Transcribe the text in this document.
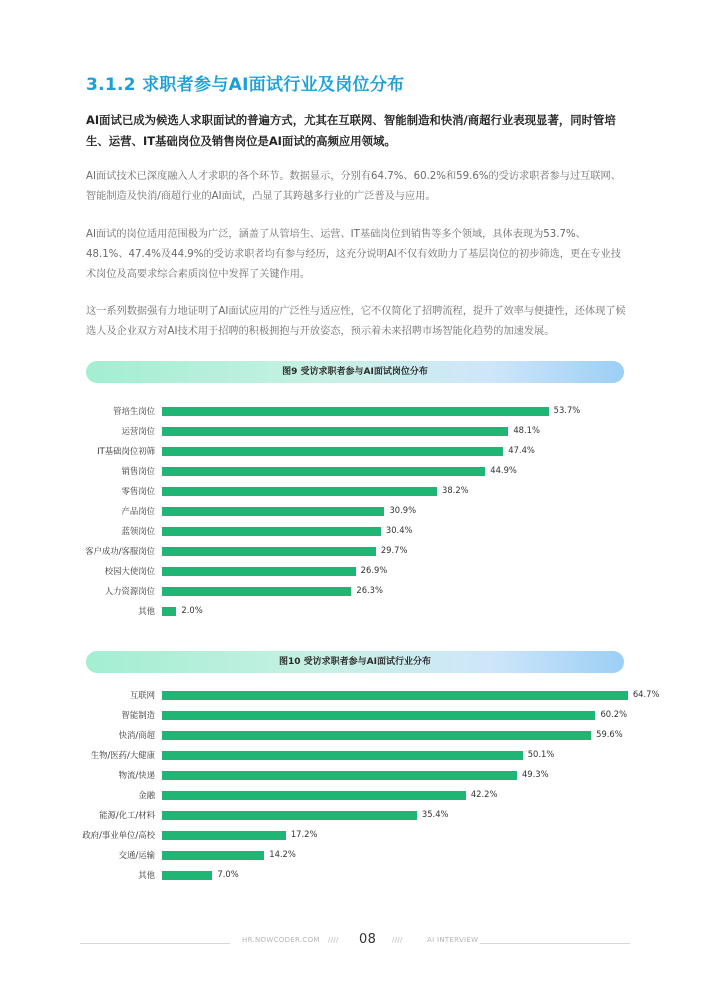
3.1.2 求职者参与AI面试行业及岗位分布

AI面试已成为候选人求职面试的普遍方式，尤其在互联网、智能制造和快消/商超行业表现显著，同时管培生、运营、IT基础岗位及销售岗位是AI面试的高频应用领域。

AI面试技术已深度融入人才求职的各个环节。数据显示，分别有64.7%、60.2%和59.6%的受访求职者参与过互联网、智能制造及快消/商超行业的AI面试，凸显了其跨越多行业的广泛普及与应用。

AI面试的岗位适用范围极为广泛，涵盖了从管培生、运营、IT基础岗位到销售等多个领域，具体表现为53.7%、48.1%、47.4%及44.9%的受访求职者均有参与经历，这充分说明AI不仅有效助力了基层岗位的初步筛选，更在专业技术岗位及高要求综合素质岗位中发挥了关键作用。

这一系列数据强有力地证明了AI面试应用的广泛性与适应性，它不仅简化了招聘流程，提升了效率与便捷性，还体现了候选人及企业双方对AI技术用于招聘的积极拥抱与开放姿态，预示着未来招聘市场智能化趋势的加速发展。

图9 受访求职者参与AI面试岗位分布
管培生岗位	53.7%
运营岗位	48.1%
IT基础岗位初筛	47.4%
销售岗位	44.9%
零售岗位	38.2%
产品岗位	30.9%
蓝领岗位	30.4%
客户成功/客服岗位	29.7%
校园大使岗位	26.9%
人力资源岗位	26.3%
其他	2.0%
图10 受访求职者参与AI面试行业分布
互联网	64.7%
智能制造	60.2%
快消/商超	59.6%
生物/医药/大健康	50.1%
物流/快递	49.3%
金融	42.2%
能源/化工/材料	35.4%
政府/事业单位/高校	17.2%
交通/运输	14.2%
其他	7.0%
HR.NOWCODER.COM //// 08 ////	AI INTERVIEW
